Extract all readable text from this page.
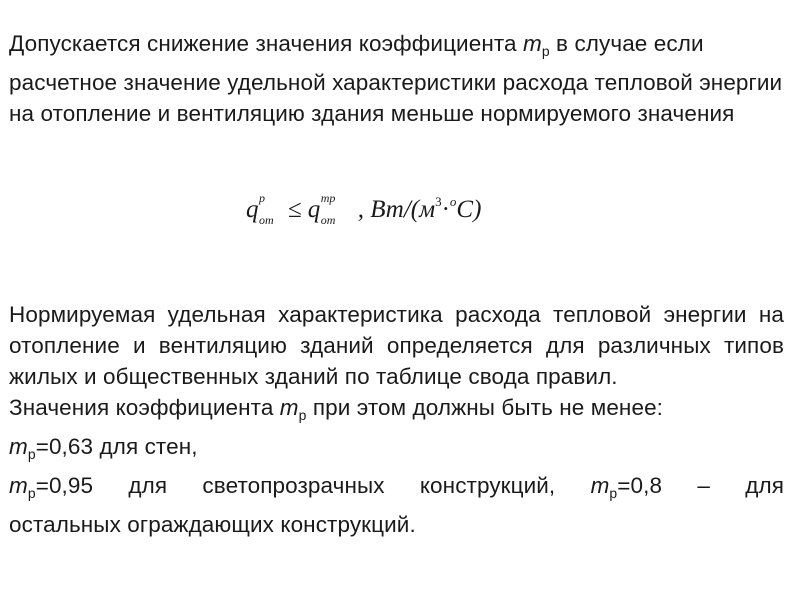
Допускается снижение значения коэффициента $m_р$ в случае если расчетное значение удельной характеристики расхода тепловой энергии на отопление и вентиляцию здания меньше нормируемого значения
q p
от ≤ q тр
от , $Вт/(м^3\cdot^оС)$
Нормируемая удельная характеристика расхода тепловой энергии на отопление и вентиляцию зданий определяется для различных типов жилых и общественных зданий по таблице свода правил.
Значения коэффициента $m_р$ при этом должны быть не менее:
$m_р=0,63$ для стен,

$m_р=0,95$ для светопрозрачных конструкций, $m_р=0,8$ – для
остальных ограждающих конструкций.
